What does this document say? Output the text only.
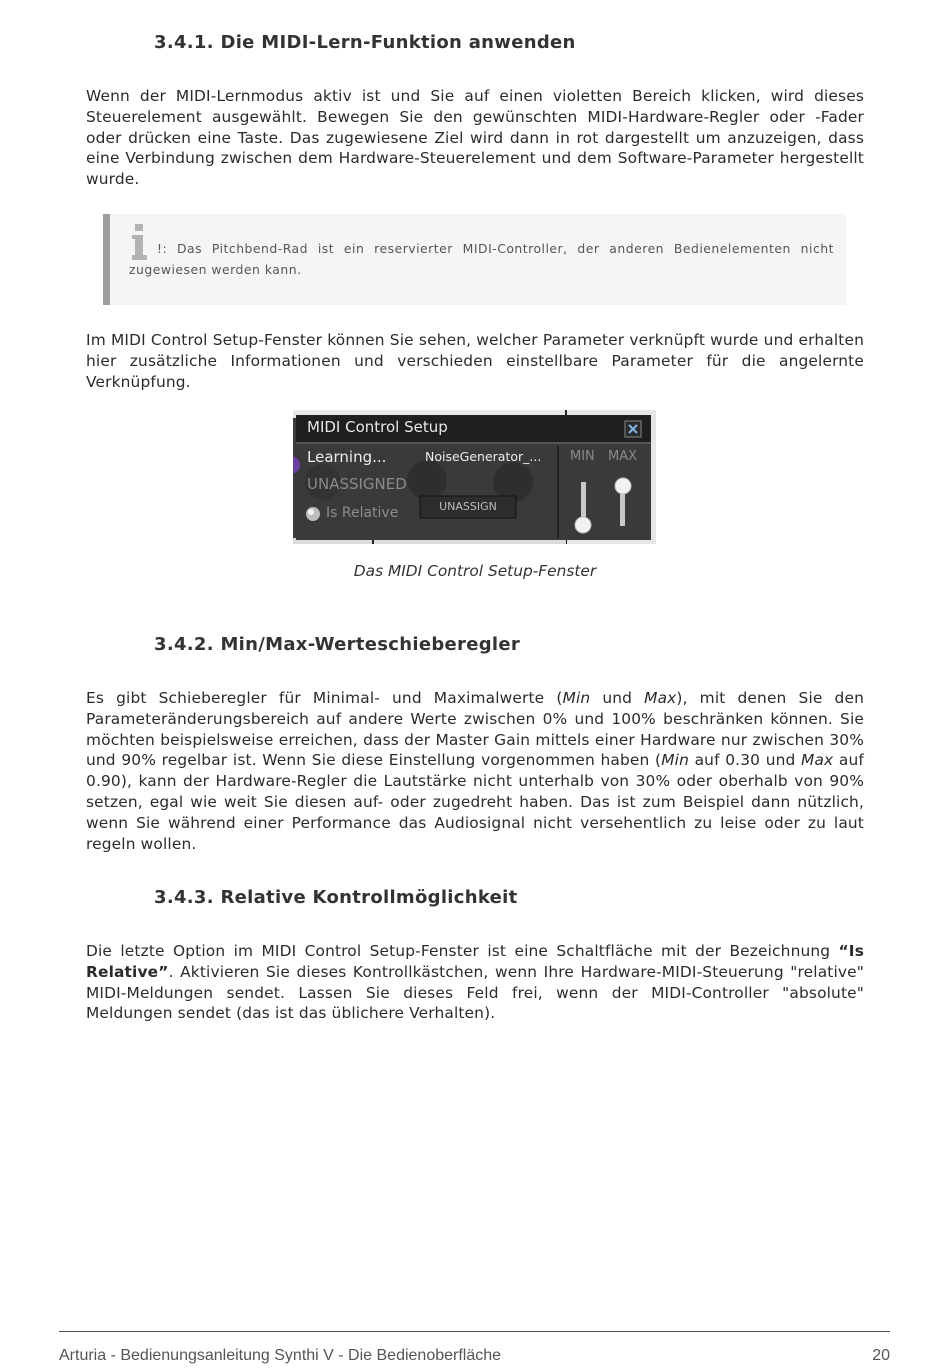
3.4.1. Die MIDI-Lern-Funktion anwenden

Wenn der MIDI-Lernmodus aktiv ist und Sie auf einen violetten Bereich klicken, wird dieses Steuerelement ausgewählt. Bewegen Sie den gewünschten MIDI-Hardware-Regler oder -Fader oder drücken eine Taste. Das zugewiesene Ziel wird dann in rot dargestellt um anzuzeigen, dass eine Verbindung zwischen dem Hardware-Steuerelement und dem Software-Parameter hergestellt wurde.

!: Das Pitchbend-Rad ist ein reservierter MIDI-Controller, der anderen Bedienelementen nicht zugewiesen werden kann.

Im MIDI Control Setup-Fenster können Sie sehen, welcher Parameter verknüpft wurde und erhalten hier zusätzliche Informationen und verschieden einstellbare Parameter für die angelernte Verknüpfung.

MIDI Control Setup
Learning...	NoiseGenerator_...
UNASSIGNED
UNASSIGN
Is Relative
MIN MAX
Das MIDI Control Setup-Fenster
3.4.2. Min/Max-Werteschieberegler

Es gibt Schieberegler für Minimal- und Maximalwerte (Min und Max), mit denen Sie den Parameteränderungsbereich auf andere Werte zwischen 0% und 100% beschränken können. Sie möchten beispielsweise erreichen, dass der Master Gain mittels einer Hardware nur zwischen 30% und 90% regelbar ist. Wenn Sie diese Einstellung vorgenommen haben (Min auf 0.30 und Max auf 0.90), kann der Hardware-Regler die Lautstärke nicht unterhalb von 30% oder oberhalb von 90% setzen, egal wie weit Sie diesen auf- oder zugedreht haben. Das ist zum Beispiel dann nützlich, wenn Sie während einer Performance das Audiosignal nicht versehentlich zu leise oder zu laut regeln wollen.

3.4.3. Relative Kontrollmöglichkeit

Die letzte Option im MIDI Control Setup-Fenster ist eine Schaltfläche mit der Bezeichnung “Is Relative”. Aktivieren Sie dieses Kontrollkästchen, wenn Ihre Hardware-MIDI-Steuerung "relative" MIDI-Meldungen sendet. Lassen Sie dieses Feld frei, wenn der MIDI-Controller "absolute" Meldungen sendet (das ist das üblichere Verhalten).

Arturia - Bedienungsanleitung Synthi V - Die Bedienoberfläche	20
